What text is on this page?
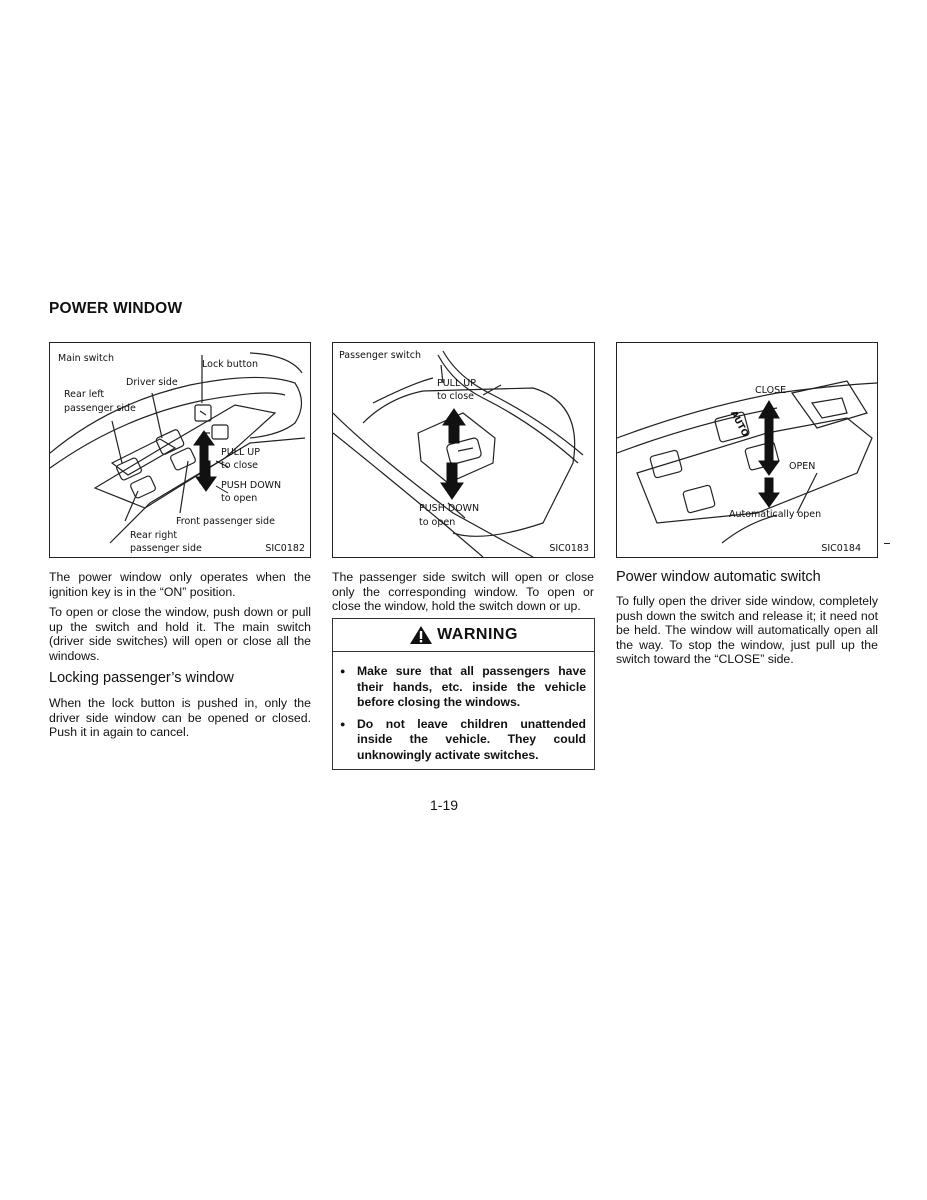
POWER WINDOW
Main switch
Lock button
Driver side
Rear left
passenger side
PULL UP
to close
PUSH DOWN
to open
Front passenger side
Rear right
passenger side	SIC0182
Passenger switch
PULL UP
to close
PUSH DOWN
to open
SIC0183
CLOSE
AUTO
OPEN
Automatically open
SIC0184
The power window only operates when the ignition key is in the “ON” position.
To open or close the window, push down or pull up the switch and hold it. The main switch (driver side switches) will open or close all the windows.
Locking passenger’s window
When the lock button is pushed in, only the driver side window can be opened or closed. Push it in again to cancel.
The passenger side switch will open or close only the corresponding window. To open or close the window, hold the switch down or up.
WARNING
● Make sure that all passengers have their hands, etc. inside the vehicle before closing the windows.
● Do not leave children unattended inside the vehicle. They could unknowingly activate switches.
Power window automatic switch
To fully open the driver side window, completely push down the switch and release it; it need not be held. The window will automatically open all the way. To stop the window, just pull up the switch toward the “CLOSE” side.
1-19
